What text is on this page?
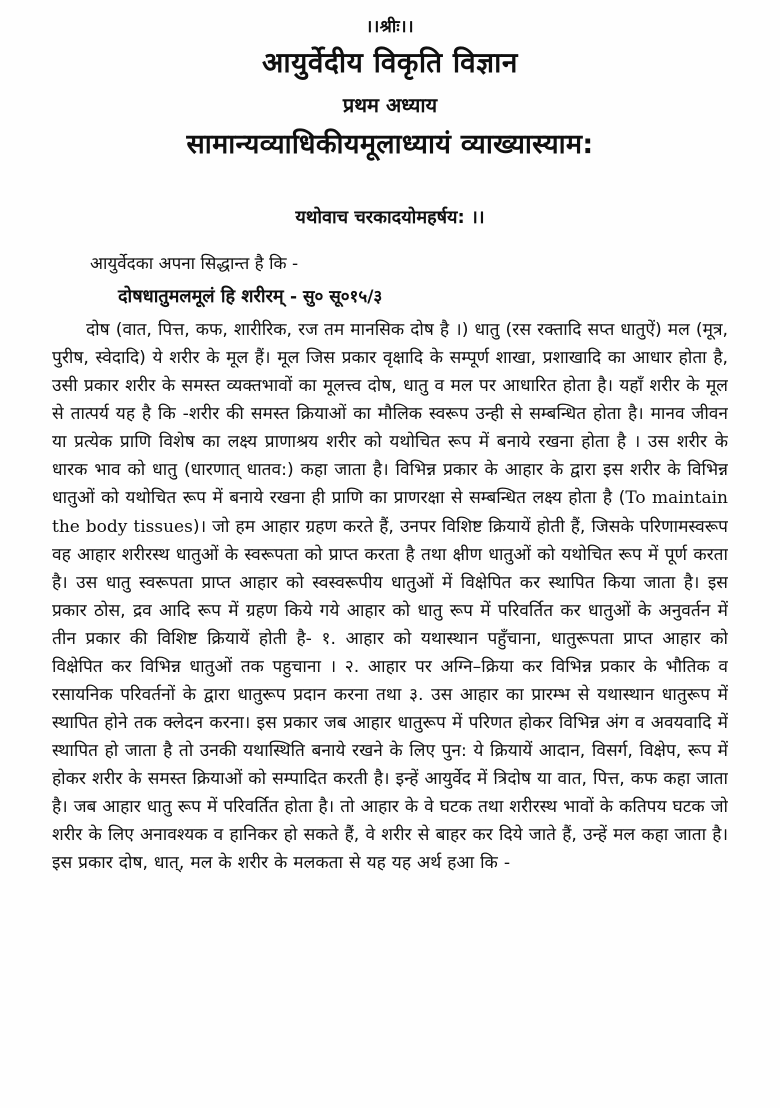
।।श्रीः।।
आयुर्वेदीय विकृति विज्ञान
प्रथम अध्याय
सामान्यव्याधिकीयमूलाध्यायं व्याख्यास्याम:
यथोवाच चरकादयोमहर्षय: ।।
आयुर्वेदका अपना सिद्धान्त है कि -
दोषधातुमलमूलं हि शरीरम् - सु० सू०१५/३

दोष (वात, पित्त, कफ, शारीरिक, रज तम मानसिक दोष है ।) धातु (रस रक्तादि सप्त धातुऐं) मल (मूत्र, पुरीष, स्वेदादि) ये शरीर के मूल हैं। मूल जिस प्रकार वृक्षादि के सम्पूर्ण शाखा, प्रशाखादि का आधार होता है, उसी प्रकार शरीर के समस्त व्यक्तभावों का मूलत्त्व दोष, धातु व मल पर आधारित होता है। यहाँ शरीर के मूल से तात्पर्य यह है कि -शरीर की समस्त क्रियाओं का मौलिक स्वरूप उन्ही से सम्बन्धित होता है। मानव जीवन या प्रत्येक प्राणि विशेष का लक्ष्य प्राणाश्रय शरीर को यथोचित रूप में बनाये रखना होता है । उस शरीर के धारक भाव को धातु (धारणात् धातव:) कहा जाता है। विभिन्न प्रकार के आहार के द्वारा इस शरीर के विभिन्न धातुओं को यथोचित रूप में बनाये रखना ही प्राणि का प्राणरक्षा से सम्बन्धित लक्ष्य होता है (To maintain the body tissues)। जो हम आहार ग्रहण करते हैं, उनपर विशिष्ट क्रियायें होती हैं, जिसके परिणामस्वरूप वह आहार शरीरस्थ धातुओं के स्वरूपता को प्राप्त करता है तथा क्षीण धातुओं को यथोचित रूप में पूर्ण करता है। उस धातु स्वरूपता प्राप्त आहार को स्वस्वरूपीय धातुओं में विक्षेपित कर स्थापित किया जाता है। इस प्रकार ठोस, द्रव आदि रूप में ग्रहण किये गये आहार को धातु रूप में परिवर्तित कर धातुओं के अनुवर्तन में तीन प्रकार की विशिष्ट क्रियायें होती है- १. आहार को यथास्थान पहुँचाना, धातुरूपता प्राप्त आहार को विक्षेपित कर विभिन्न धातुओं तक पहुचाना । २. आहार पर अग्नि–क्रिया कर विभिन्न प्रकार के भौतिक व रसायनिक परिवर्तनों के द्वारा धातुरूप प्रदान करना तथा ३. उस आहार का प्रारम्भ से यथास्थान धातुरूप में स्थापित होने तक क्लेदन करना। इस प्रकार जब आहार धातुरूप में परिणत होकर विभिन्न अंग व अवयवादि में स्थापित हो जाता है तो उनकी यथास्थिति बनाये रखने के लिए पुन: ये क्रियायें आदान, विसर्ग, विक्षेप, रूप में होकर शरीर के समस्त क्रियाओं को सम्पादित करती है। इन्हें आयुर्वेद में त्रिदोष या वात, पित्त, कफ कहा जाता है। जब आहार धातु रूप में परिवर्तित होता है। तो आहार के वे घटक तथा शरीरस्थ भावों के कतिपय घटक जो शरीर के लिए अनावश्यक व हानिकर हो सकते हैं, वे शरीर से बाहर कर दिये जाते हैं, उन्हें मल कहा जाता है। इस प्रकार दोष, धात्, मल के शरीर के मलकता से यह यह अर्थ हआ कि -
